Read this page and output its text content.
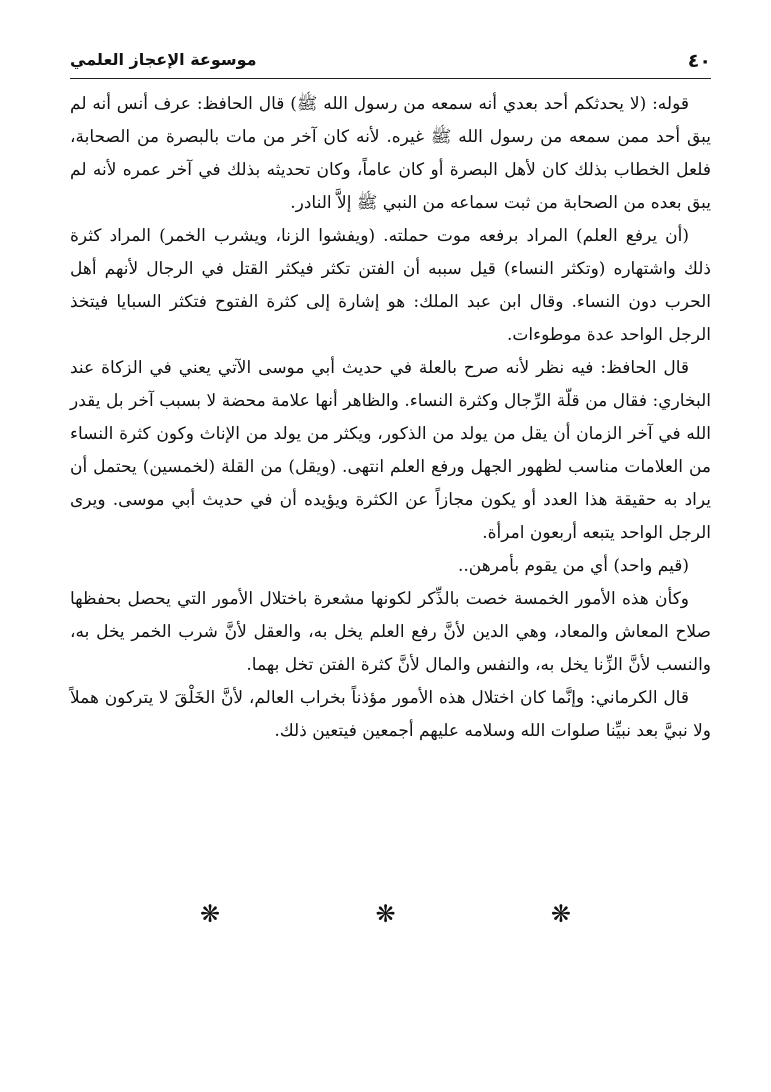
٤٠
موسوعة الإعجاز العلمي

قوله: (لا يحدثكم أحد بعدي أنه سمعه من رسول الله ﷺ) قال الحافظ: عرف أنس أنه لم يبق أحد ممن سمعه من رسول الله ﷺ غيره. لأنه كان آخر من مات بالبصرة من الصحابة، فلعل الخطاب بذلك كان لأهل البصرة أو كان عاماً، وكان تحديثه بذلك في آخر عمره لأنه لم يبق بعده من الصحابة من ثبت سماعه من النبي ﷺ إلاَّ النادر.

(أن يرفع العلم) المراد برفعه موت حملته. (ويفشوا الزنا، ويشرب الخمر) المراد كثرة ذلك واشتهاره (وتكثر النساء) قيل سببه أن الفتن تكثر فيكثر القتل في الرجال لأنهم أهل الحرب دون النساء. وقال ابن عبد الملك: هو إشارة إلى كثرة الفتوح فتكثر السبايا فيتخذ الرجل الواحد عدة موطوءات.

قال الحافظ: فيه نظر لأنه صرح بالعلة في حديث أبي موسى الآتي يعني في الزكاة عند البخاري: فقال من قلّة الرِّجال وكثرة النساء. والظاهر أنها علامة محضة لا بسبب آخر بل يقدر الله في آخر الزمان أن يقل من يولد من الذكور، ويكثر من يولد من الإناث وكون كثرة النساء من العلامات مناسب لظهور الجهل ورفع العلم انتهى. (ويقل) من القلة (لخمسين) يحتمل أن يراد به حقيقة هذا العدد أو يكون مجازاً عن الكثرة ويؤيده أن في حديث أبي موسى. ويرى الرجل الواحد يتبعه أربعون امرأة.

(قيم واحد) أي من يقوم بأمرهن..

وكأن هذه الأمور الخمسة خصت بالذِّكر لكونها مشعرة باختلال الأمور التي يحصل بحفظها صلاح المعاش والمعاد، وهي الدين لأنَّ رفع العلم يخل به، والعقل لأنَّ شرب الخمر يخل به، والنسب لأنَّ الزِّنا يخل به، والنفس والمال لأنَّ كثرة الفتن تخل بهما.

قال الكرماني: وإنَّما كان اختلال هذه الأمور مؤذناً بخراب العالم، لأنَّ الخَلْقَ لا يتركون هملاً ولا نبيَّ بعد نبيِّنا صلوات الله وسلامه عليهم أجمعين فيتعين ذلك.

❋	❋	❋
